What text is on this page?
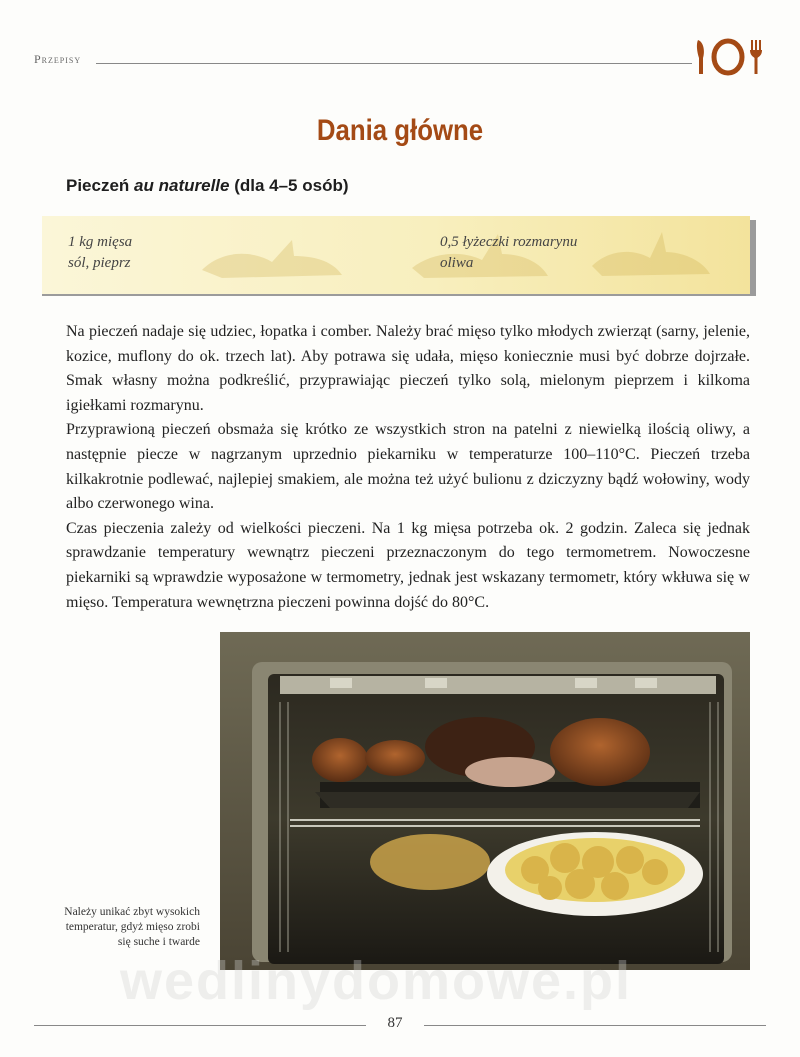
Przepisy
Dania główne
Pieczeń au naturelle (dla 4–5 osób)
1 kg mięsa
sól, pieprz
0,5 łyżeczki rozmarynu
oliwa

Na pieczeń nadaje się udziec, łopatka i comber. Należy brać mięso tylko młodych zwierząt (sarny, jelenie, kozice, muflony do ok. trzech lat). Aby potrawa się udała, mięso koniecznie musi być dobrze dojrzałe. Smak własny można podkreślić, przyprawiając pieczeń tylko solą, mielonym pieprzem i kilkoma igiełkami rozmarynu.

Przyprawioną pieczeń obsmaża się krótko ze wszystkich stron na patelni z niewielką ilością oliwy, a następnie piecze w nagrzanym uprzednio piekarniku w temperaturze 100–110°C. Pieczeń trzeba kilkakrotnie podlewać, najlepiej smakiem, ale można też użyć bulionu z dziczyzny bądź wołowiny, wody albo czerwonego wina.

Czas pieczenia zależy od wielkości pieczeni. Na 1 kg mięsa potrzeba ok. 2 godzin. Zaleca się jednak sprawdzanie temperatury wewnątrz pieczeni przeznaczonym do tego termometrem. Nowoczesne piekarniki są wprawdzie wyposażone w termometry, jednak jest wskazany termometr, który wkłuwa się w mięso. Temperatura wewnętrzna pieczeni powinna dojść do 80°C.

Należy unikać zbyt wysokich temperatur, gdyż mięso zrobi się suche i twarde
wedlinydomowe.pl
87
